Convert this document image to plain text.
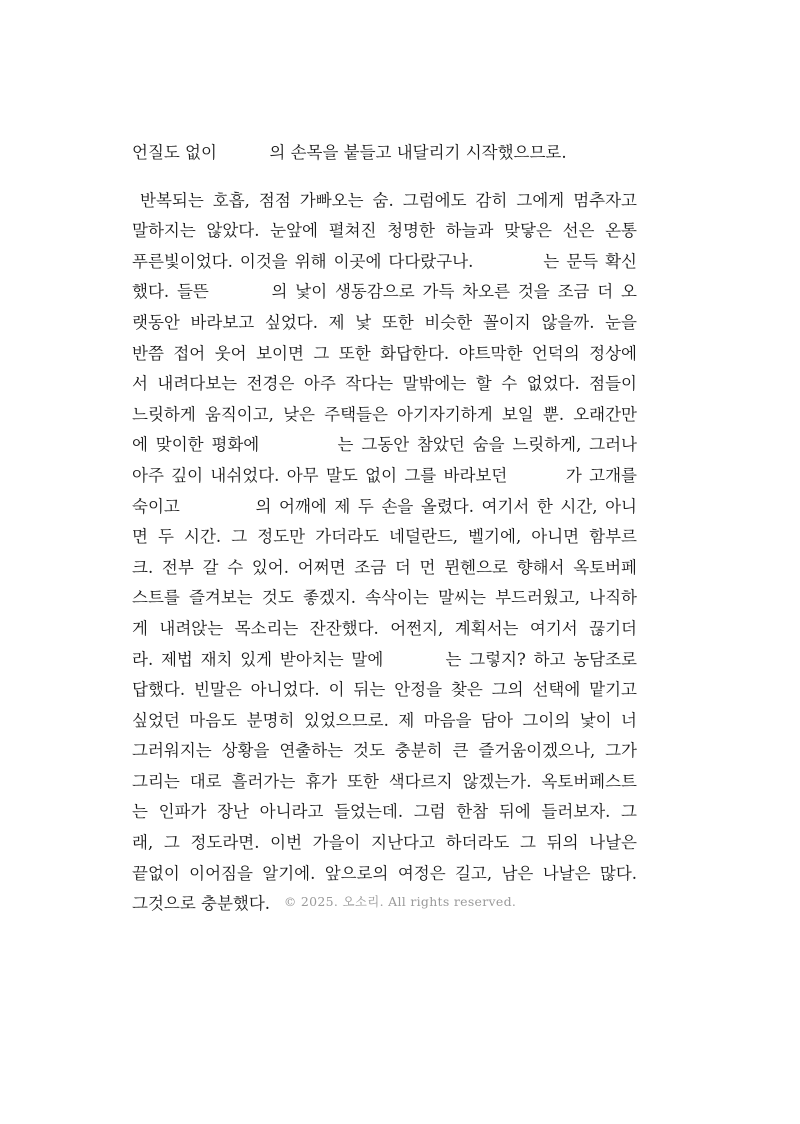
언질도 없이          의 손목을 붙들고 내달리기 시작했으므로.
반복되는 호흡, 점점 가빠오는 숨. 그럼에도 감히 그에게 멈추자고
말하지는 않았다. 눈앞에 펼쳐진 청명한 하늘과 맞닿은 선은 온통
푸른빛이었다. 이것을 위해 이곳에 다다랐구나.          는 문득 확신
했다. 들뜬        의 낯이 생동감으로 가득 차오른 것을 조금 더 오
랫동안 바라보고 싶었다. 제 낯 또한 비슷한 꼴이지 않을까. 눈을
반쯤 접어 웃어 보이면 그 또한 화답한다. 야트막한 언덕의 정상에
서 내려다보는 전경은 아주 작다는 말밖에는 할 수 없었다. 점들이
느릿하게 움직이고, 낮은 주택들은 아기자기하게 보일 뿐. 오래간만
에 맞이한 평화에          는 그동안 참았던 숨을 느릿하게, 그러나
아주 깊이 내쉬었다. 아무 말도 없이 그를 바라보던        가 고개를
숙이고          의 어깨에 제 두 손을 올렸다. 여기서 한 시간, 아니
면 두 시간. 그 정도만 가더라도 네덜란드, 벨기에, 아니면 함부르
크. 전부 갈 수 있어. 어쩌면 조금 더 먼 뮌헨으로 향해서 옥토버페
스트를 즐겨보는 것도 좋겠지. 속삭이는 말씨는 부드러웠고, 나직하
게 내려앉는 목소리는 잔잔했다. 어쩐지, 계획서는 여기서 끊기더
라. 제법 재치 있게 받아치는 말에        는 그렇지? 하고 농담조로
답했다. 빈말은 아니었다. 이 뒤는 안정을 찾은 그의 선택에 맡기고
싶었던 마음도 분명히 있었으므로. 제 마음을 담아 그이의 낯이 너
그러워지는 상황을 연출하는 것도 충분히 큰 즐거움이겠으나, 그가
그리는 대로 흘러가는 휴가 또한 색다르지 않겠는가. 옥토버페스트
는 인파가 장난 아니라고 들었는데. 그럼 한참 뒤에 들러보자. 그
래, 그 정도라면. 이번 가을이 지난다고 하더라도 그 뒤의 나날은
끝없이 이어짐을 알기에. 앞으로의 여정은 길고, 남은 나날은 많다.
그것으로 충분했다.	© 2025. 오소리. All rights reserved.
